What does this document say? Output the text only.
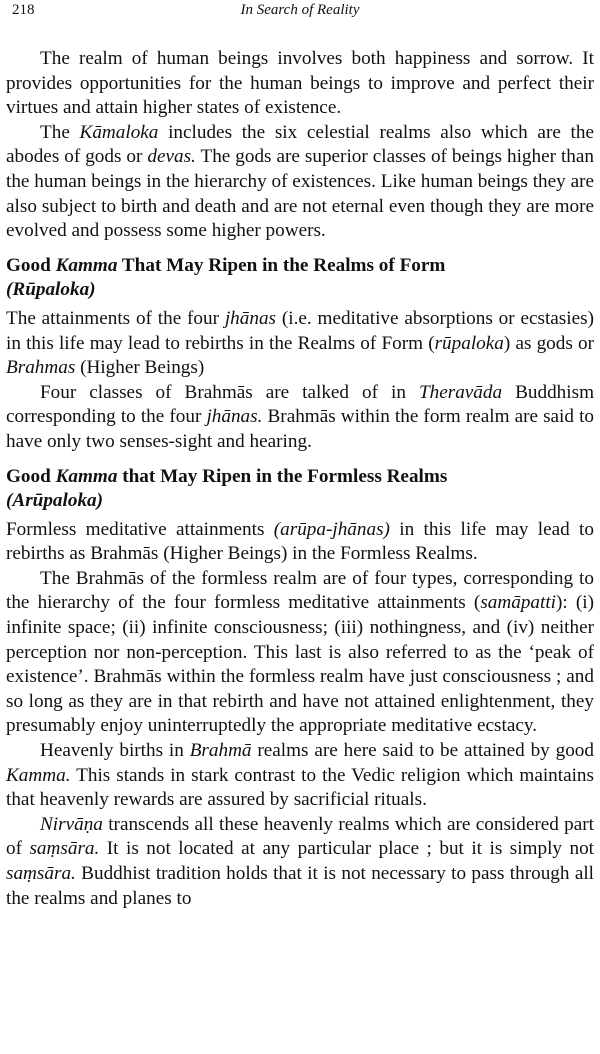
218	In Search of Reality

The realm of human beings involves both happiness and sorrow. It provides opportunities for the human beings to improve and perfect their virtues and attain higher states of existence.

The Kāmaloka includes the six celestial realms also which are the abodes of gods or devas. The gods are superior classes of beings higher than the human beings in the hierarchy of existences. Like human beings they are also subject to birth and death and are not eternal even though they are more evolved and possess some higher powers.

Good Kamma That May Ripen in the Realms of Form
(Rūpaloka)

The attainments of the four jhānas (i.e. meditative absorptions or ecstasies) in this life may lead to rebirths in the Realms of Form (rūpaloka) as gods or Brahmas (Higher Beings)

Four classes of Brahmās are talked of in Theravāda Buddhism corresponding to the four jhānas. Brahmās within the form realm are said to have only two senses-sight and hearing.

Good Kamma that May Ripen in the Formless Realms
(Arūpaloka)

Formless meditative attainments (arūpa-jhānas) in this life may lead to rebirths as Brahmās (Higher Beings) in the Formless Realms.

The Brahmās of the formless realm are of four types, corresponding to the hierarchy of the four formless meditative attainments (samāpatti): (i) infinite space; (ii) infinite consciousness; (iii) nothingness, and (iv) neither perception nor non-perception. This last is also referred to as the ‘peak of existence’. Brahmās within the formless realm have just consciousness ; and so long as they are in that rebirth and have not attained enlightenment, they presumably enjoy uninterruptedly the appropriate meditative ecstacy.

Heavenly births in Brahmā realms are here said to be attained by good Kamma. This stands in stark contrast to the Vedic religion which maintains that heavenly rewards are assured by sacrificial rituals.

Nirvāṇa transcends all these heavenly realms which are considered part of saṃsāra. It is not located at any particular place ; but it is simply not saṃsāra. Buddhist tradition holds that it is not necessary to pass through all the realms and planes to
